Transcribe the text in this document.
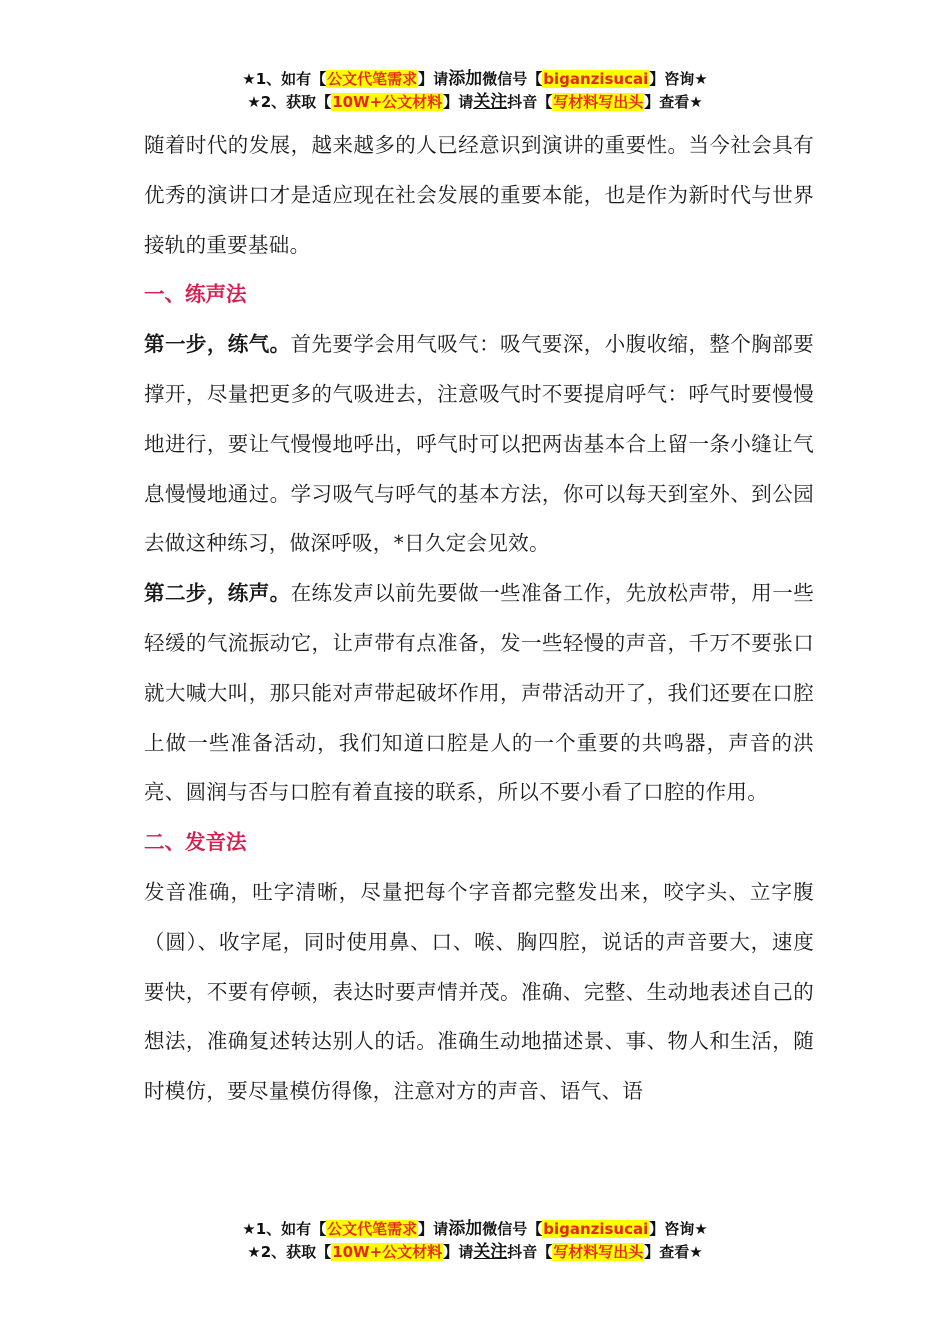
★1、如有【公文代笔需求】请添加微信号【biganzisucai】咨询★
★2、获取【10W+公文材料】请关注抖音【写材料写出头】查看★

随着时代的发展，越来越多的人已经意识到演讲的重要性。当今社会具有优秀的演讲口才是适应现在社会发展的重要本能，也是作为新时代与世界接轨的重要基础。

一、练声法

第一步，练气。首先要学会用气吸气：吸气要深，小腹收缩，整个胸部要撑开，尽量把更多的气吸进去，注意吸气时不要提肩呼气：呼气时要慢慢地进行，要让气慢慢地呼出，呼气时可以把两齿基本合上留一条小缝让气息慢慢地通过。学习吸气与呼气的基本方法，你可以每天到室外、到公园去做这种练习，做深呼吸，*日久定会见效。

第二步，练声。在练发声以前先要做一些准备工作，先放松声带，用一些轻缓的气流振动它，让声带有点准备，发一些轻慢的声音，千万不要张口就大喊大叫，那只能对声带起破坏作用，声带活动开了，我们还要在口腔上做一些准备活动，我们知道口腔是人的一个重要的共鸣器，声音的洪亮、圆润与否与口腔有着直接的联系，所以不要小看了口腔的作用。

二、发音法

发音准确，吐字清晰，尽量把每个字音都完整发出来，咬字头、立字腹（圆）、收字尾，同时使用鼻、口、喉、胸四腔，说话的声音要大，速度要快，不要有停顿，表达时要声情并茂。准确、完整、生动地表述自己的想法，准确复述转达别人的话。准确生动地描述景、事、物人和生活，随时模仿，要尽量模仿得像，注意对方的声音、语气、语

★1、如有【公文代笔需求】请添加微信号【biganzisucai】咨询★
★2、获取【10W+公文材料】请关注抖音【写材料写出头】查看★
